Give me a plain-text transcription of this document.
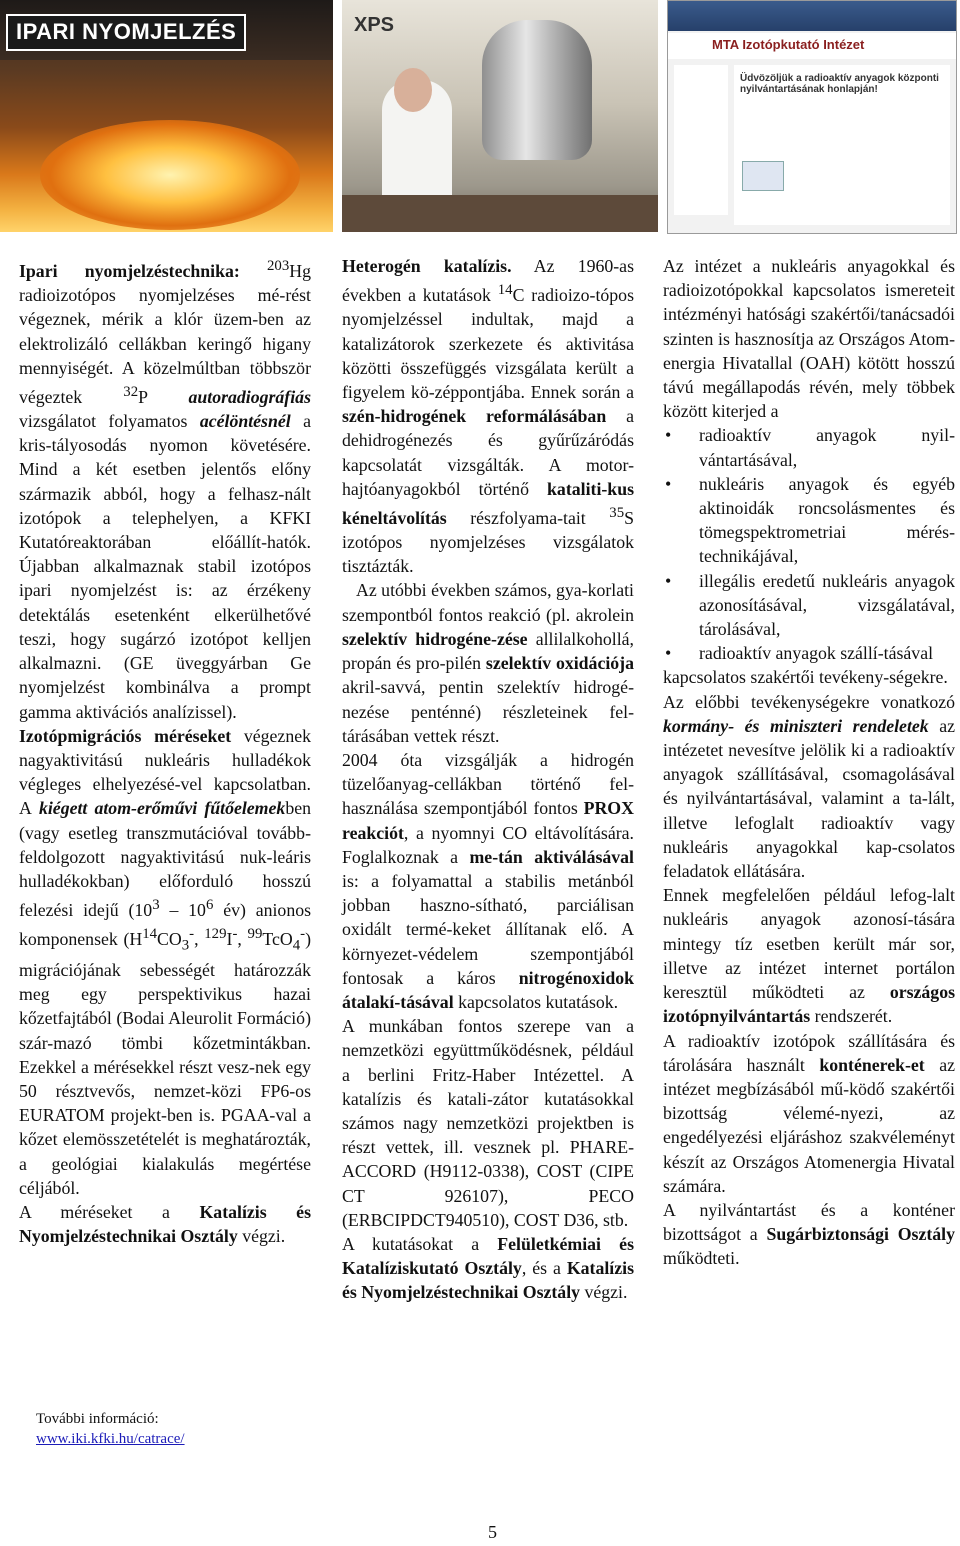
IPARI NYOMJELZÉS	XPS
MTA Izotópkutató Intézet
Üdvözöljük a radioaktív anyagok központi nyilvántartásának honlapján!

Ipari nyomjelzéstechnika: $^{203}$Hg radioizotópos nyomjelzéses mé-rést végeznek, mérik a klór üzem-ben az elektrolizáló cellákban keringő higany mennyiségét. A közelmúltban többször végeztek	$^{32}$P autoradiográfiás vizsgálatot folyamatos acélöntésnél a kris-tályosodás nyomon követésére. Mind a két esetben jelentős előny származik abból, hogy a felhasz-nált izotópok a telephelyen, a KFKI Kutatóreaktorában előállít-hatók. Újabban alkalmaznak stabil izotópos ipari nyomjelzést is: az érzékeny detektálás esetenként elkerülhetővé teszi, hogy sugárzó izotópot kelljen alkalmazni. (GE üveggyárban Ge nyomjelzést kombinálva a prompt gamma aktivációs analízissel).

Izotópmigrációs méréseket végeznek nagyaktivitású nukleáris hulladékok végleges elhelyezésé-vel kapcsolatban. A kiégett atom-erőművi fűtőelemekben (vagy esetleg transzmutációval tovább-feldolgozott nagyaktivitású nuk-leáris hulladékokban) előforduló hosszú felezési idejű ($10^3 - 10^6$ év) anionos komponensek ($H^{14}CO_3^-$, $^{129}$I-, $^{99}$TcO$_4$-) migrációjának sebességét határozzák meg egy perspektivikus hazai kőzetfajtából (Bodai Aleurolit Formáció) szár-mazó tömbi kőzetmintákban. Ezekkel a mérésekkel részt vesz-nek egy 50 résztvevős, nemzet-közi FP6-os EURATOM projekt-ben is. PGAA-val a kőzet elemösszetételét is meghatározták, a geológiai kialakulás megértése céljából.

A méréseket a Katalízis és Nyomjelzéstechnikai Osztály végzi.

További információ:
www.iki.kfki.hu/catrace/

Heterogén katalízis. Az 1960-as években a kutatások $^{14}$C radioizo-tópos nyomjelzéssel indultak, majd a katalizátorok szerkezete és aktivitása közötti összefüggés vizsgálata került a figyelem kö-zéppontjába. Ennek során a szén-hidrogének reformálásában a dehidrogénezés és gyűrűzáródás kapcsolatát vizsgálták. A motor-hajtóanyagokból történő kataliti-kus kéneltávolítás részfolyama-tait $^{35}$S izotópos nyomjelzéses vizsgálatok tisztázták.

Az utóbbi években számos, gya-korlati szempontból fontos reakció (pl. akrolein szelektív hidrogéne-zése allilalkohollá, propán és pro-pilén szelektív oxidációja akril-savvá, pentin szelektív hidrogé-nezése penténné) részleteinek fel-tárásában vettek részt.

2004 óta vizsgálják a hidrogén tüzelőanyag-cellákban történő fel-használása szempontjából fontos PROX reakciót, a nyomnyi CO eltávolítására. Foglalkoznak a me-tán aktiválásával is: a folyamattal a stabilis metánból jobban haszno-sítható, parciálisan oxidált termé-keket állítanak elő. A környezet-védelem szempontjából fontosak a káros nitrogénoxidok átalakí-tásával kapcsolatos kutatások.

A munkában fontos szerepe van a nemzetközi együttműködésnek, például a berlini Fritz-Haber Intézettel. A katalízis és katali-zátor kutatásokkal számos nagy nemzetközi projektben is részt vettek, ill. vesznek pl. PHARE-ACCORD (H9112-0338), COST (CIPE CT 926107), PECO (ERBCIPDCT940510), COST D36, stb.

A kutatásokat a Felületkémiai és Katalíziskutató Osztály, és a Katalízis és Nyomjelzéstechnikai Osztály végzi.

Az intézet a nukleáris anyagokkal és radioizotópokkal kapcsolatos ismereteit intézményi hatósági szakértői/tanácsadói szinten is hasznosítja az Országos Atom-energia Hivatallal (OAH) kötött hosszú távú megállapodás révén, mely többek között kiterjed a

• radioaktív anyagok nyil-vántartásával,
• nukleáris anyagok és egyéb aktinoidák roncsolásmentes és tömegspektrometriai mérés-technikájával,
• illegális eredetű nukleáris anyagok azonosításával, vizsgálatával, tárolásával,
• radioaktív anyagok szállí-tásával

kapcsolatos szakértői tevékeny-ségekre.

Az előbbi tevékenységekre vonatkozó kormány- és miniszteri rendeletek az intézetet nevesítve jelölik ki a radioaktív anyagok szállításával, csomagolásával és nyilvántartásával, valamint a ta-lált, illetve lefoglalt radioaktív vagy nukleáris anyagokkal kap-csolatos feladatok ellátására.

Ennek megfelelően például lefog-lalt nukleáris anyagok azonosí-tására mintegy tíz esetben került már sor, illetve az intézet internet portálon keresztül működteti az országos izotópnyilvántartás rendszerét.

A radioaktív izotópok szállítására és tárolására használt konténerek-et az intézet megbízásából mű-ködő szakértői bizottság vélemé-nyezi, az engedélyezési eljáráshoz szakvéleményt készít az Országos Atomenergia Hivatal számára.

A nyilvántartást és a konténer bizottságot a Sugárbiztonsági Osztály működteti.

5
